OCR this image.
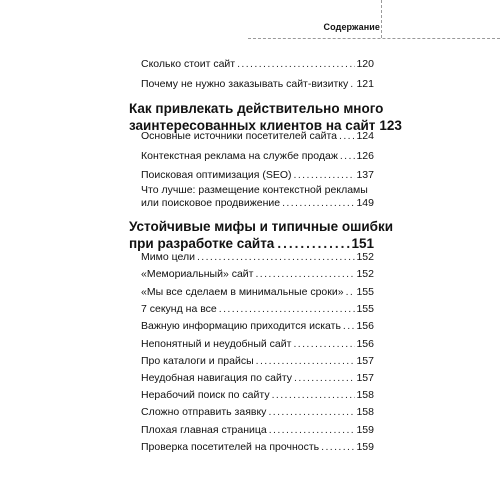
Содержание
Сколько стоит сайт .....	120
Почему не нужно заказывать сайт-визитку ..... 121
Как привлекать действительно много
заинтересованных клиентов на сайт 123
Основные источники посетителей сайта ..... 124
Контекстная реклама на службе продаж ..... 126
Поисковая оптимизация (SEO) .....	137
Что лучше: размещение контекстной рекламы
или поисковое продвижение .....	149
Устойчивые мифы и типичные ошибки
при разработке сайта .....	151
Мимо цели .....	152
«Мемориальный» сайт .....	152
«Мы все сделаем в минимальные сроки» ..... 155
7 секунд на все .....	155
Важную информацию приходится искать ..... 156
Непонятный и неудобный сайт .....	156
Про каталоги и прайсы .....	157
Неудобная навигация по сайту .....	157
Нерабочий поиск по сайту .....	158
Сложно отправить заявку .....	158
Плохая главная страница .....	159
Проверка посетителей на прочность .....	159
